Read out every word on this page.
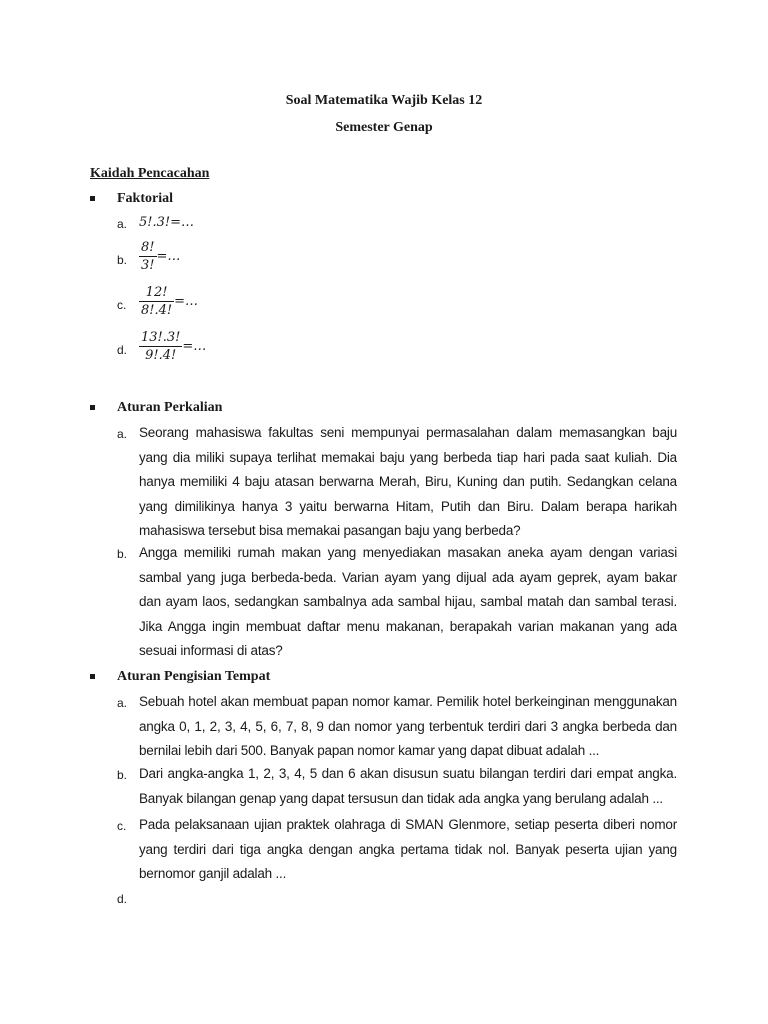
Soal Matematika Wajib Kelas 12
Semester Genap
Kaidah Pencacahan
Faktorial
a. 5!.3!=…
b. $\frac{8!}{3!}$ =…
c. $\frac{12!}{8!.4!}$ =…
d. $\frac{13!.3!}{9!.4!}$ =…
Aturan Perkalian
a. Seorang mahasiswa fakultas seni mempunyai permasalahan dalam memasangkan baju yang dia miliki supaya terlihat memakai baju yang berbeda tiap hari pada saat kuliah. Dia hanya memiliki 4 baju atasan berwarna Merah, Biru, Kuning dan putih. Sedangkan celana yang dimilikinya hanya 3 yaitu berwarna Hitam, Putih dan Biru. Dalam berapa harikah mahasiswa tersebut bisa memakai pasangan baju yang berbeda?
b. Angga memiliki rumah makan yang menyediakan masakan aneka ayam dengan variasi sambal yang juga berbeda-beda. Varian ayam yang dijual ada ayam geprek, ayam bakar dan ayam laos, sedangkan sambalnya ada sambal hijau, sambal matah dan sambal terasi. Jika Angga ingin membuat daftar menu makanan, berapakah varian makanan yang ada sesuai informasi di atas?
Aturan Pengisian Tempat
a. Sebuah hotel akan membuat papan nomor kamar. Pemilik hotel berkeinginan menggunakan angka 0, 1, 2, 3, 4, 5, 6, 7, 8, 9 dan nomor yang terbentuk terdiri dari 3 angka berbeda dan bernilai lebih dari 500. Banyak papan nomor kamar yang dapat dibuat adalah ...
b. Dari angka-angka 1, 2, 3, 4, 5 dan 6 akan disusun suatu bilangan terdiri dari empat angka. Banyak bilangan genap yang dapat tersusun dan tidak ada angka yang berulang adalah ...
c. Pada pelaksanaan ujian praktek olahraga di SMAN Glenmore, setiap peserta diberi nomor yang terdiri dari tiga angka dengan angka pertama tidak nol. Banyak peserta ujian yang bernomor ganjil adalah ...
d.
